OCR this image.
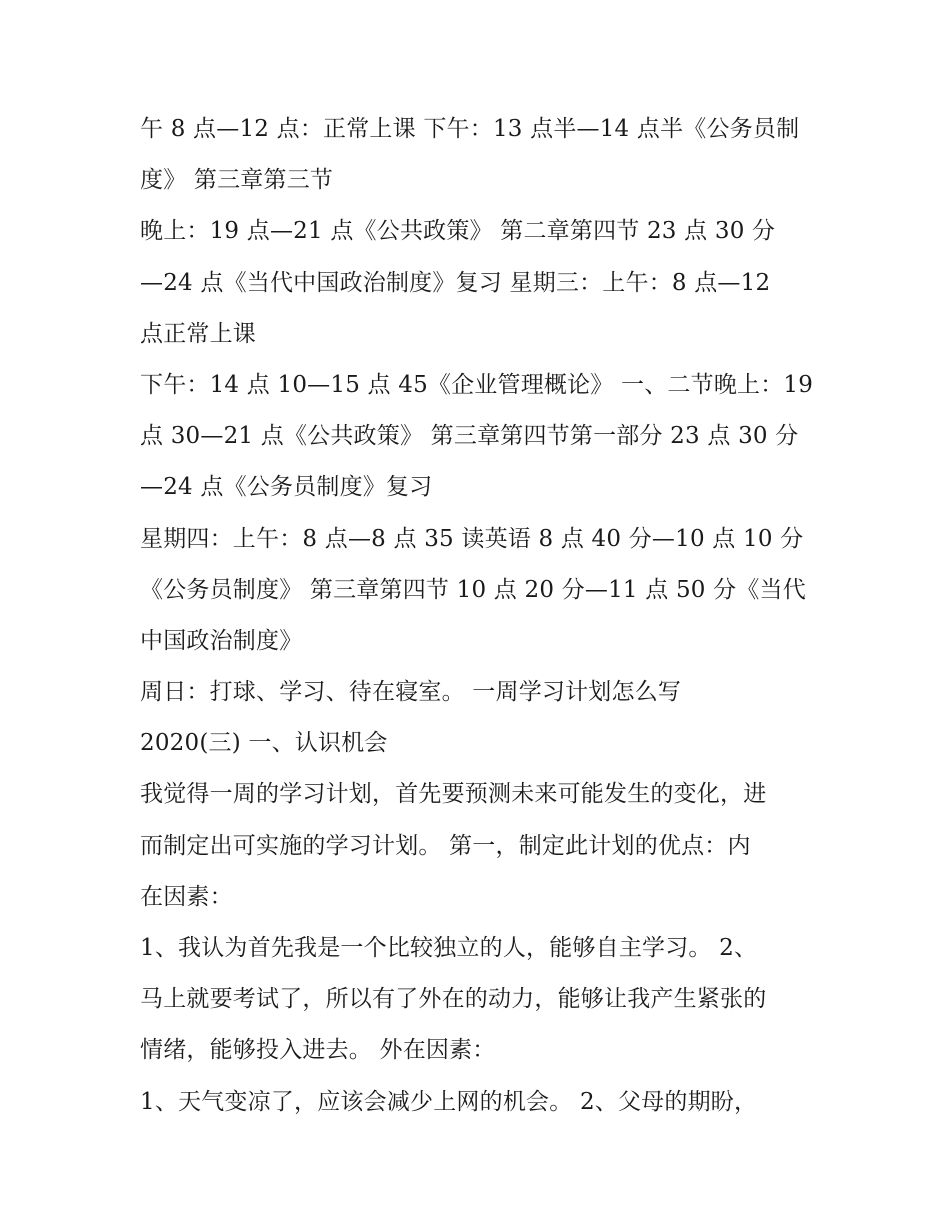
午 8 点—12 点：正常上课 下午：13 点半—14 点半《公务员制
度》 第三章第三节
晚上：19 点—21 点《公共政策》 第二章第四节 23 点 30 分
—24 点《当代中国政治制度》复习 星期三：上午：8 点—12
点正常上课
下午：14 点 10—15 点 45《企业管理概论》 一、二节晚上：19
点 30—21 点《公共政策》 第三章第四节第一部分 23 点 30 分
—24 点《公务员制度》复习
星期四：上午：8 点—8 点 35 读英语 8 点 40 分—10 点 10 分
《公务员制度》 第三章第四节 10 点 20 分—11 点 50 分《当代
中国政治制度》
周日：打球、学习、待在寝室。 一周学习计划怎么写
2020(三) 一、认识机会
我觉得一周的学习计划，首先要预测未来可能发生的变化，进
而制定出可实施的学习计划。 第一，制定此计划的优点：内
在因素：
1、我认为首先我是一个比较独立的人，能够自主学习。 2、
马上就要考试了，所以有了外在的动力，能够让我产生紧张的
情绪，能够投入进去。 外在因素：
1、天气变凉了，应该会减少上网的机会。 2、父母的期盼，
